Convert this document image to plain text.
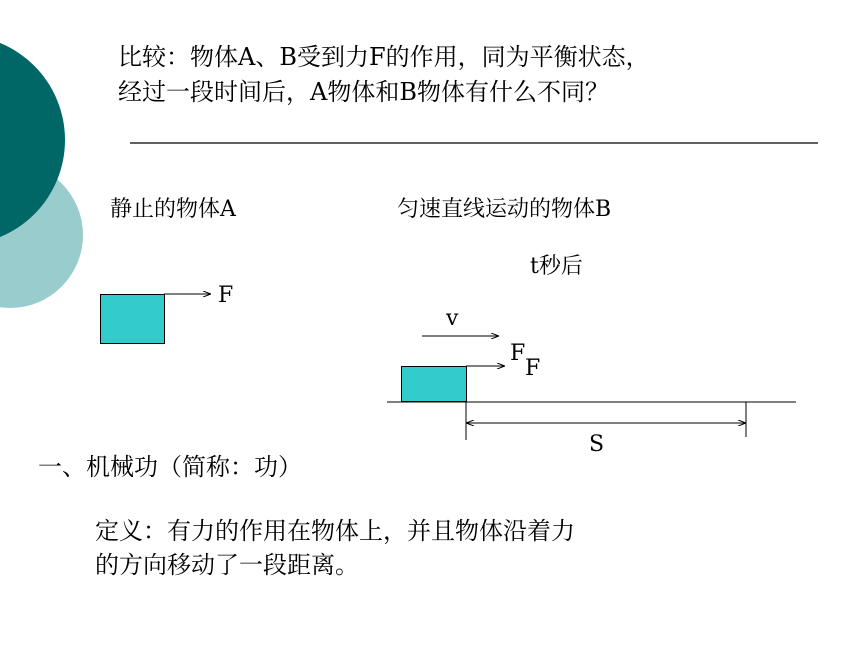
比较：物体A、B受到力F的作用，同为平衡状态，
经过一段时间后，A物体和B物体有什么不同？
静止的物体A
F
匀速直线运动的物体B
t秒后
v
F
F
S
一、机械功（简称：功）
定义：有力的作用在物体上，并且物体沿着力
的方向移动了一段距离。
